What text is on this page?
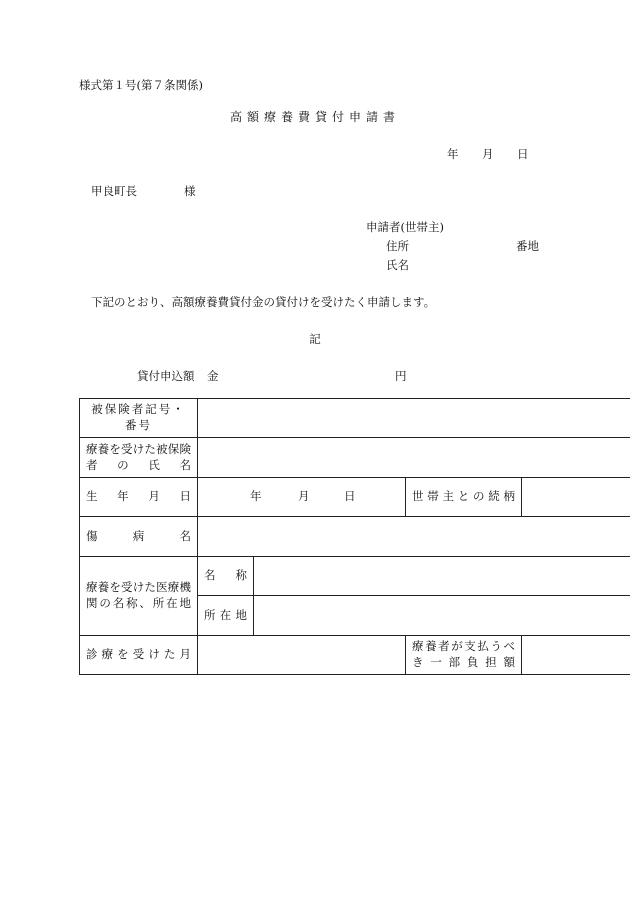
様式第１号(第７条関係)
高額療養費貸付申請書
年 月 日
甲良町長	様
申請者(世帯主)
住所	番地
氏名
下記のとおり、高額療養費貸付金の貸付けを受けたく申請します。
記
貸付申込額 金	円
被保険者記号・番号				
療養を受けた被保険者の氏名				
生年月日	年 月 日		世帯主との続柄	
傷病名				
療養を受けた医療機関の名称、所在地	名称			
	所在地			
診療を受けた月			療養者が支払うべき一部負担額	
